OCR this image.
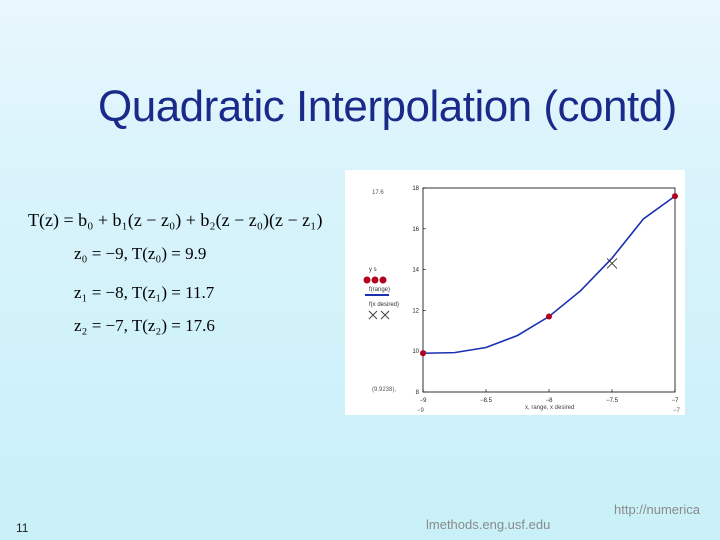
Quadratic Interpolation (contd)
T(z) = b₀ + b₁(z − z₀) + b₂(z − z₀)(z − z₁)
z₀ = −9, T(z₀) = 9.9
z₁ = −8, T(z₁) = 11.7
z₂ = −7, T(z₂) = 17.6
−9	−8.5	−8	−7.5	−7
8
10
12
14
16
18
y s
f(range)
f(x desired)
17.6
(9.9238),
x, range, x desired
−9	−7
11	lmethods.eng.usf.edu
http://numerica
